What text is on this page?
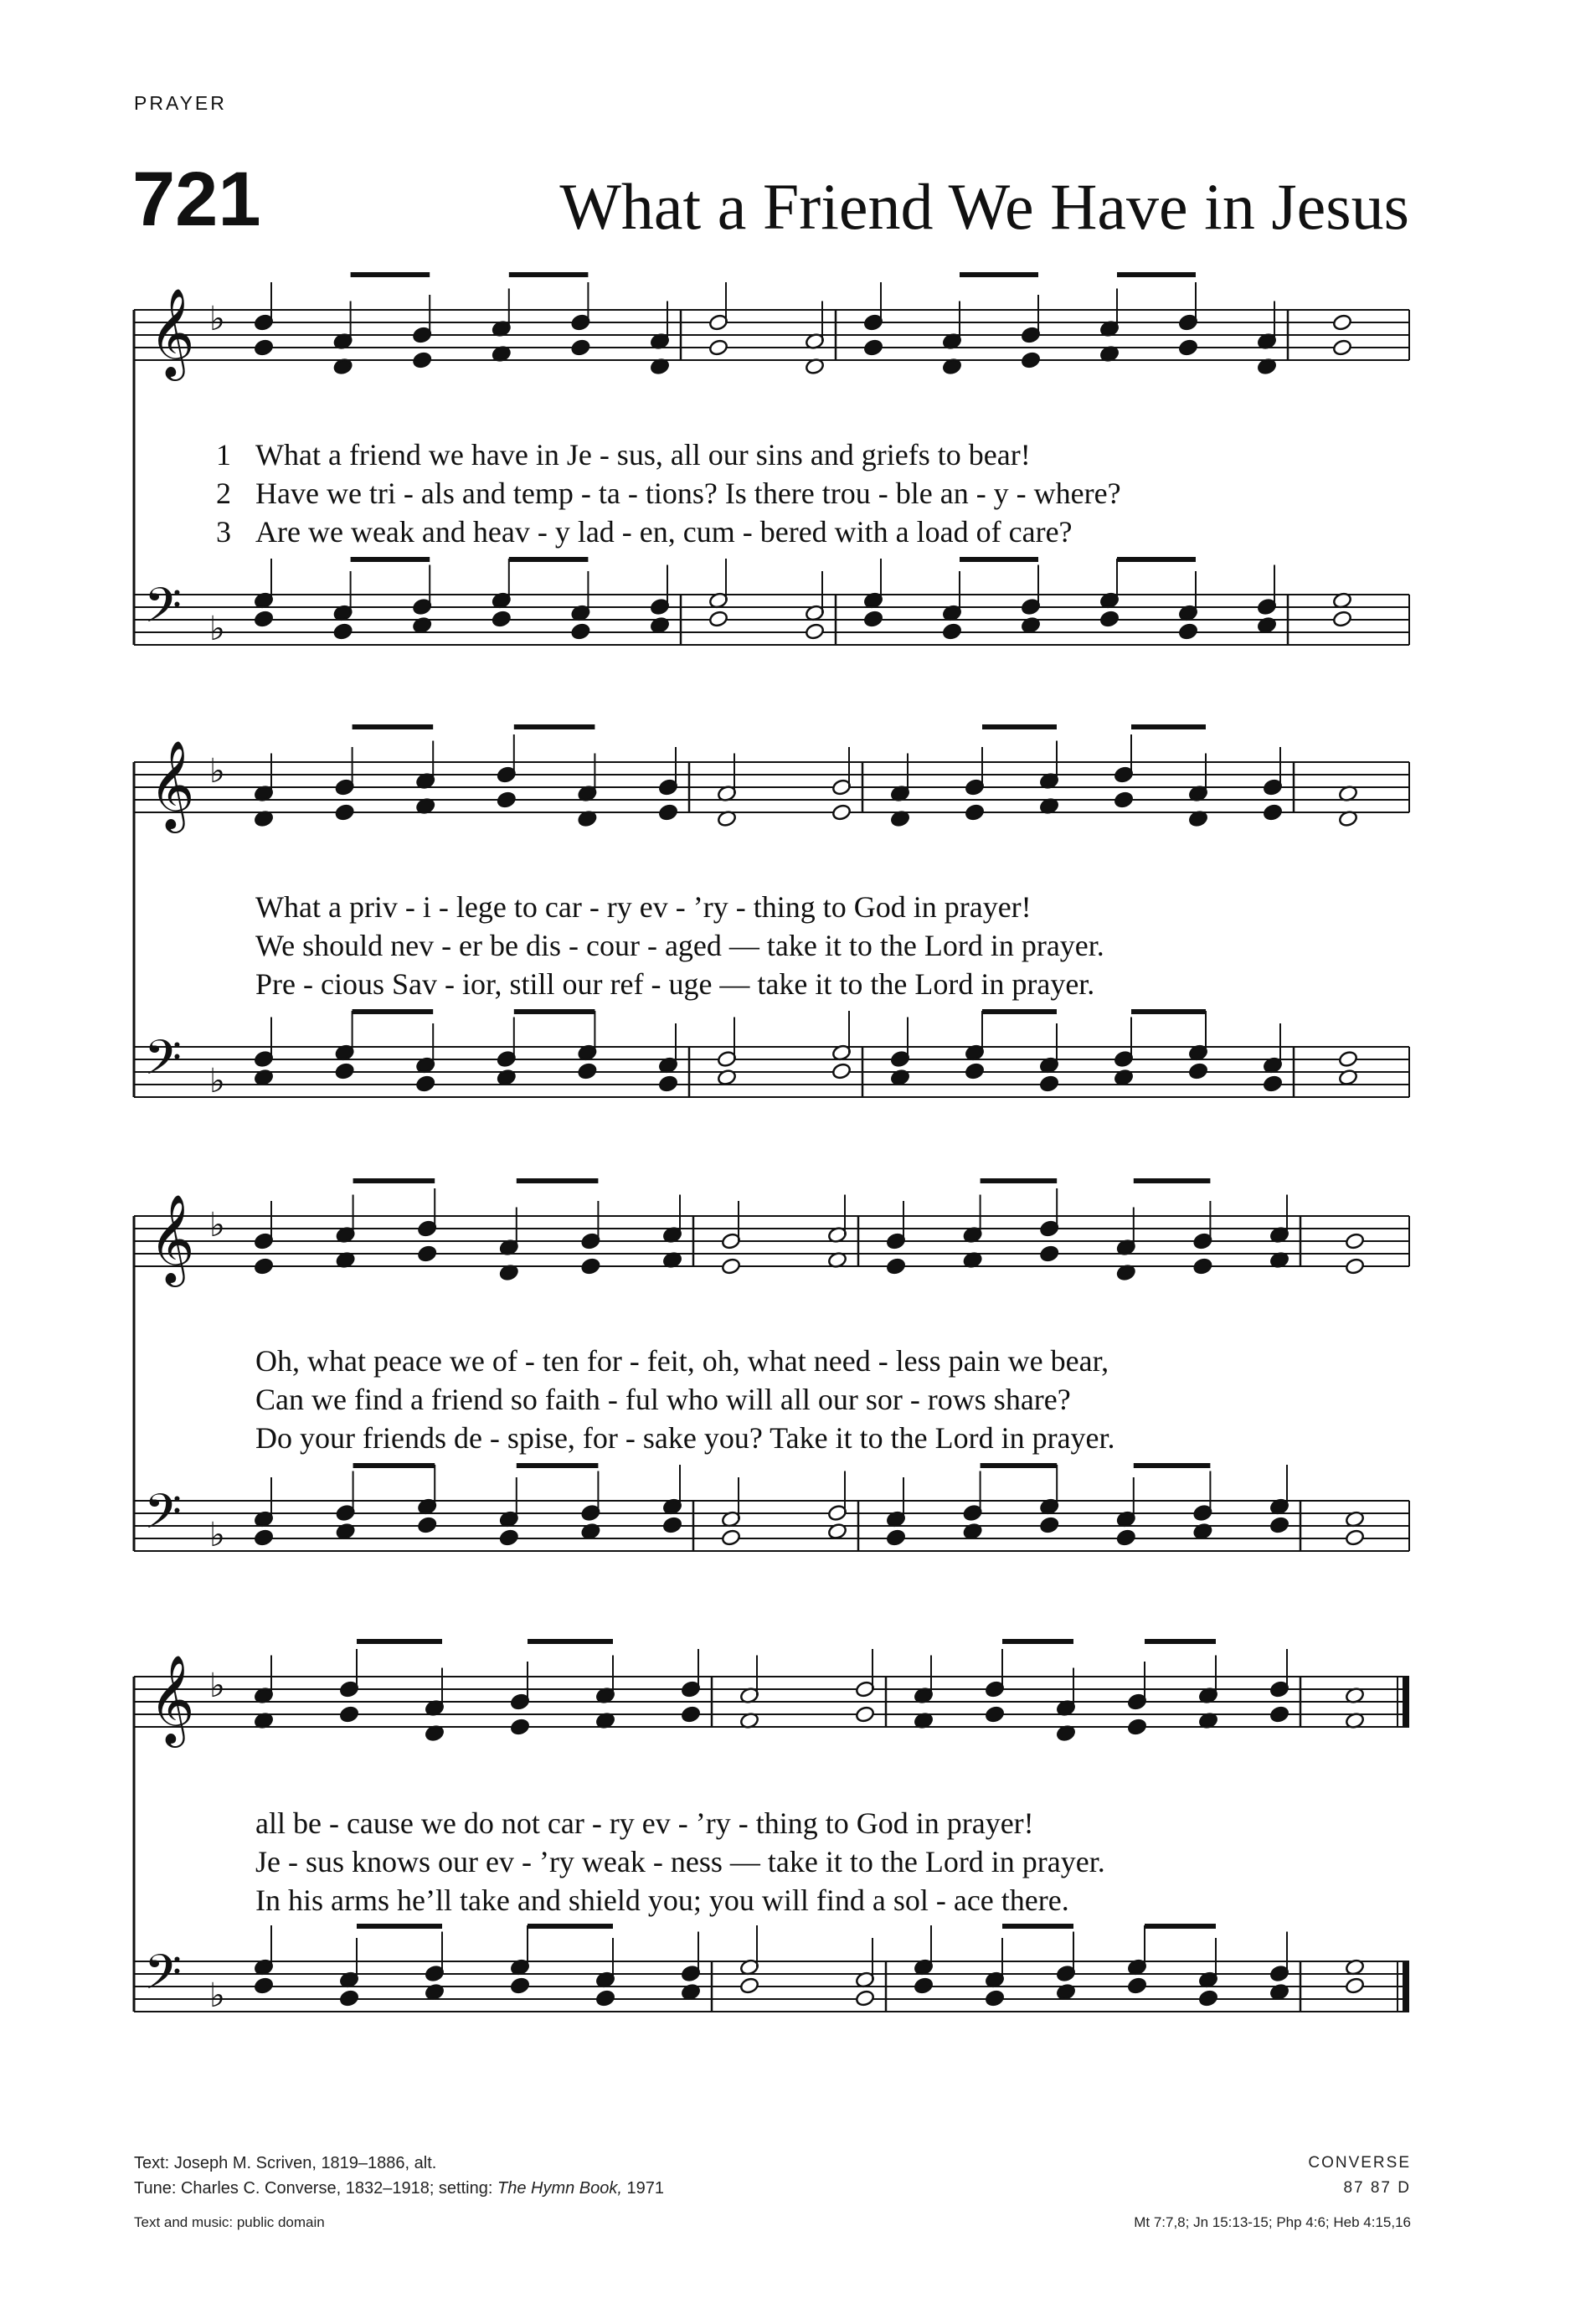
PRAYER
721	What a Friend We Have in Jesus
𝄞 ♭
𝄢 ♭
𝄞 ♭
𝄢 ♭
𝄞 ♭
𝄢 ♭
𝄞 ♭
𝄢 ♭
1
2
3
What a friend we have in Je - sus, all our sins and griefs to bear!
Have we tri - als and temp - ta - tions? Is there trou - ble an - y - where?
Are we weak and heav - y lad - en, cum - bered with a load of care?
What a priv - i - lege to car - ry ev - ’ry - thing to God in prayer!
We should nev - er be dis - cour - aged — take it to the Lord in prayer.
Pre - cious Sav - ior, still our ref - uge — take it to the Lord in prayer.
Oh, what peace we of - ten for - feit, oh, what need - less pain we bear,
Can we find a friend so faith - ful who will all our sor - rows share?
Do your friends de - spise, for - sake you? Take it to the Lord in prayer.
all be - cause we do not car - ry ev - ’ry - thing to God in prayer!
Je - sus knows our ev - ’ry weak - ness — take it to the Lord in prayer.
In his arms he’ll take and shield you; you will find a sol - ace there.
Text: Joseph M. Scriven, 1819–1886, alt.
Tune: Charles C. Converse, 1832–1918; setting: The Hymn Book, 1971
Text and music: public domain
CONVERSE
87 87 D
Mt 7:7,8; Jn 15:13-15; Php 4:6; Heb 4:15,16
